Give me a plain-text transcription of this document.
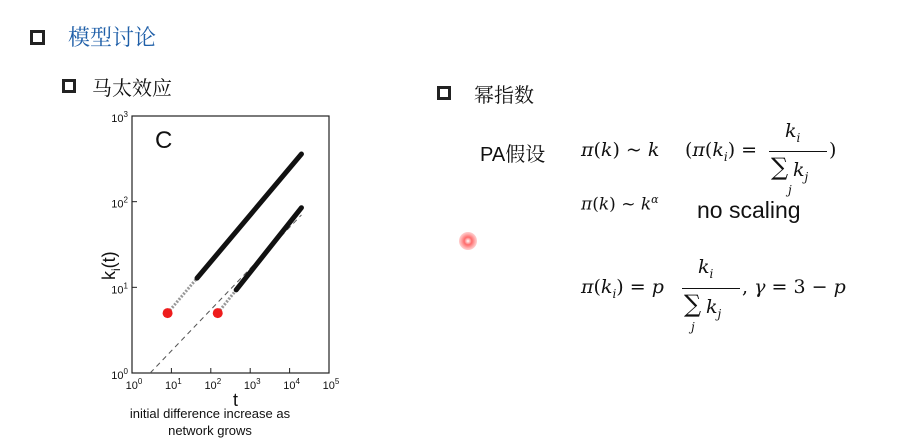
模型讨论
马太效应	幂指数
C
t
$k_i(t)$
$10^0$ $10^1$ $10^2$ $10^3$ $10^4$ $10^5$
$10^0$
$10^1$
$10^2$
$10^3$
initial difference increase as
network grows
PA假设 π(k) ~ k ($\pi(k_i)$ =
$k_i$
∑
j
$k_j$
)
π(k) ~ $k^\alpha$ no scaling
$\pi(k_i) = p$
$k_i$
∑
j
$k_j$
, γ = 3 − p
